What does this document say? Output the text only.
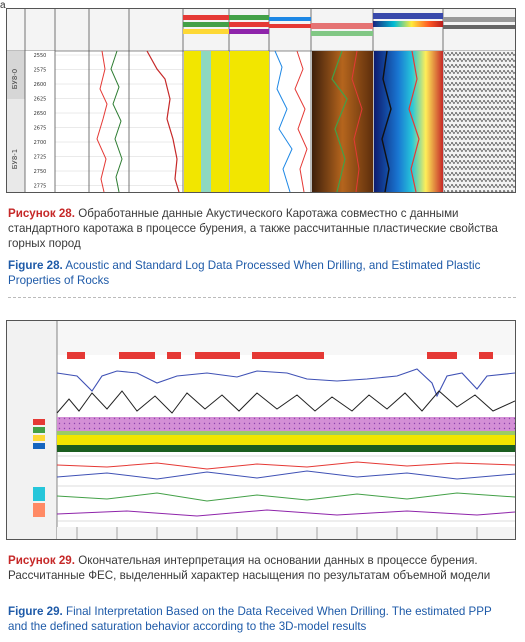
a
БУ8-0
БУ8-1
2550
2575
2600
2625
2650
2675
2700
2725
2750
2775
Рисунок 28. Обработанные данные Акустического Каротажа совместно с данными стандартного каротажа в процессе бурения, а также рассчитанные пластические свойства горных пород
Figure 28. Acoustic and Standard Log Data Processed When Drilling, and Estimated Plastic Properties of Rocks
Рисунок 29. Окончательная интерпретация на основании данных в процессе бурения. Рассчитанные ФЕС, выделенный характер насыщения по результатам объемной модели
Figure 29. Final Interpretation Based on the Data Received When Drilling. The estimated PPP and the defined saturation behavior according to the 3D-model results
